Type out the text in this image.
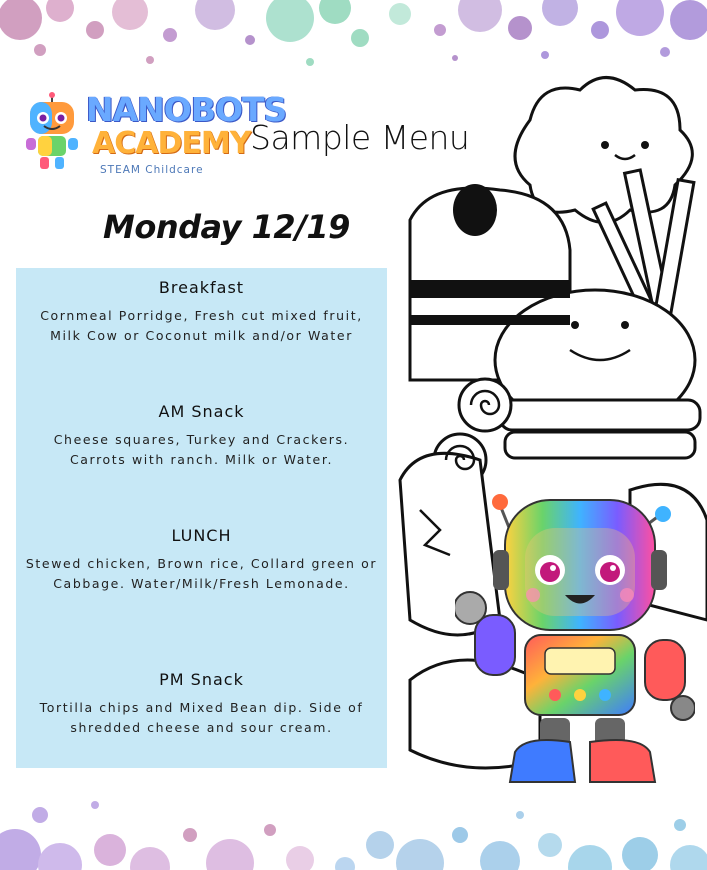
NANOBOTS
ACADEMY
STEAM Childcare
Sample Menu
Monday 12/19
Breakfast
Cornmeal Porridge, Fresh cut mixed fruit, Milk Cow or Coconut milk and/or Water
AM Snack
Cheese squares, Turkey and Crackers. Carrots with ranch. Milk or Water.
LUNCH
Stewed chicken, Brown rice, Collard green or Cabbage. Water/Milk/Fresh Lemonade.
PM Snack
Tortilla chips and Mixed Bean dip. Side of shredded cheese and sour cream.
